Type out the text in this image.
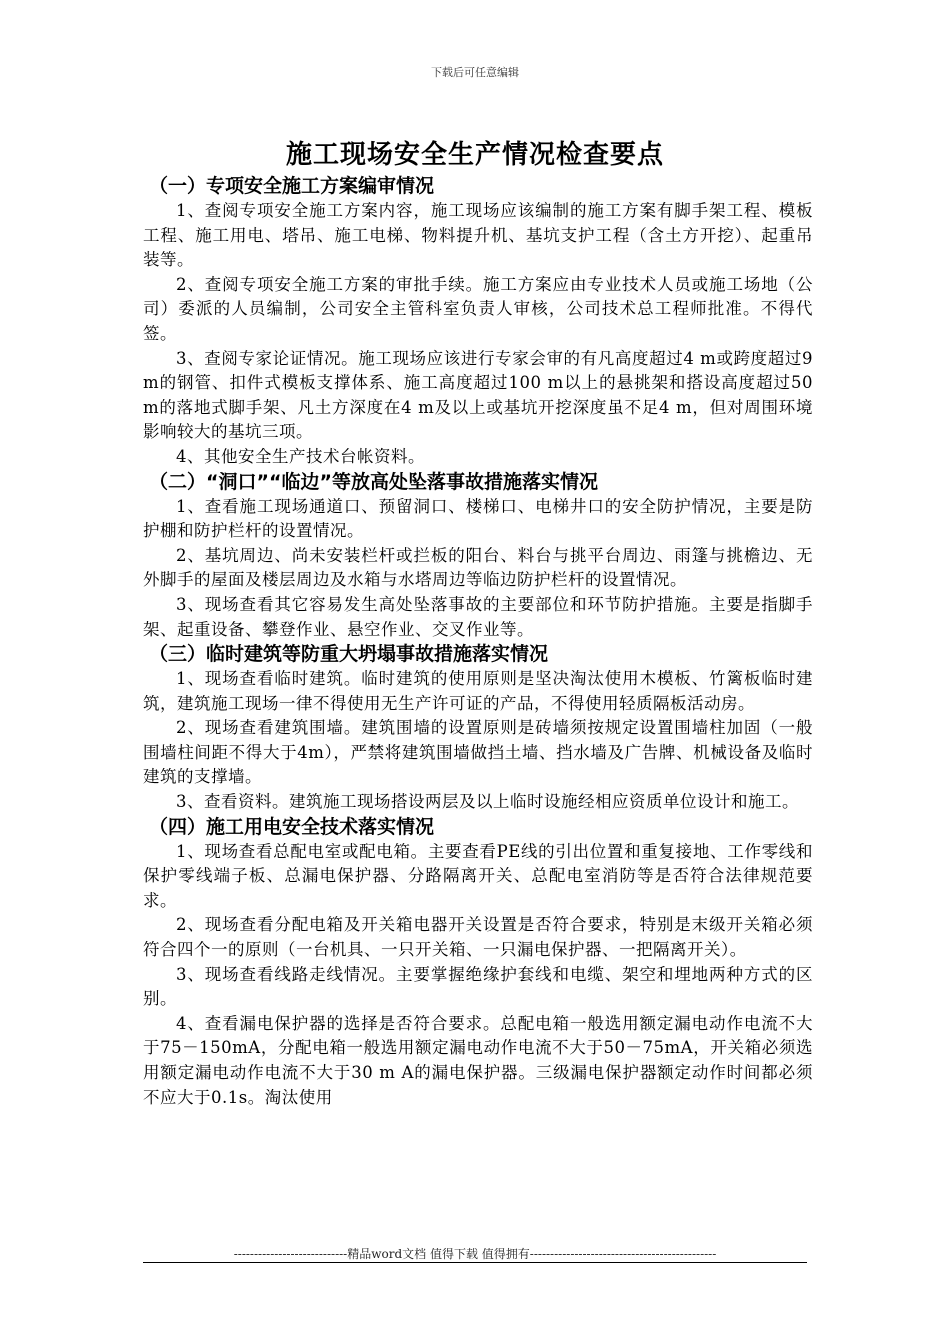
下载后可任意编辑
施工现场安全生产情况检查要点
（一）专项安全施工方案编审情况

1、查阅专项安全施工方案内容，施工现场应该编制的施工方案有脚手架工程、模板工程、施工用电、塔吊、施工电梯、物料提升机、基坑支护工程（含土方开挖）、起重吊装等。

2、查阅专项安全施工方案的审批手续。施工方案应由专业技术人员或施工场地（公司）委派的人员编制，公司安全主管科室负责人审核，公司技术总工程师批准。不得代签。

3、查阅专家论证情况。施工现场应该进行专家会审的有凡高度超过4 m或跨度超过9 m的钢管、扣件式模板支撑体系、施工高度超过100 m以上的悬挑架和搭设高度超过50 m的落地式脚手架、凡土方深度在4 m及以上或基坑开挖深度虽不足4 m，但对周围环境影响较大的基坑三项。

4、其他安全生产技术台帐资料。

（二）“洞口”“临边”等放高处坠落事故措施落实情况

1、查看施工现场通道口、预留洞口、楼梯口、电梯井口的安全防护情况，主要是防护棚和防护栏杆的设置情况。

2、基坑周边、尚未安装栏杆或拦板的阳台、料台与挑平台周边、雨篷与挑檐边、无外脚手的屋面及楼层周边及水箱与水塔周边等临边防护栏杆的设置情况。

3、现场查看其它容易发生高处坠落事故的主要部位和环节防护措施。主要是指脚手架、起重设备、攀登作业、悬空作业、交叉作业等。

（三）临时建筑等防重大坍塌事故措施落实情况

1、现场查看临时建筑。临时建筑的使用原则是坚决淘汰使用木模板、竹篱板临时建筑，建筑施工现场一律不得使用无生产许可证的产品，不得使用轻质隔板活动房。

2、现场查看建筑围墙。建筑围墙的设置原则是砖墙须按规定设置围墙柱加固（一般围墙柱间距不得大于4m），严禁将建筑围墙做挡土墙、挡水墙及广告牌、机械设备及临时建筑的支撑墙。

3、查看资料。建筑施工现场搭设两层及以上临时设施经相应资质单位设计和施工。

（四）施工用电安全技术落实情况

1、现场查看总配电室或配电箱。主要查看PE线的引出位置和重复接地、工作零线和保护零线端子板、总漏电保护器、分路隔离开关、总配电室消防等是否符合法律规范要求。

2、现场查看分配电箱及开关箱电器开关设置是否符合要求，特别是末级开关箱必须符合四个一的原则（一台机具、一只开关箱、一只漏电保护器、一把隔离开关）。

3、现场查看线路走线情况。主要掌握绝缘护套线和电缆、架空和埋地两种方式的区别。

4、查看漏电保护器的选择是否符合要求。总配电箱一般选用额定漏电动作电流不大于75－150mA，分配电箱一般选用额定漏电动作电流不大于50－75mA，开关箱必须选用额定漏电动作电流不大于30 m A的漏电保护器。三级漏电保护器额定动作时间都必须不应大于0.1s。淘汰使用

----------------------------精品word文档 值得下载 值得拥有----------------------------------------------
